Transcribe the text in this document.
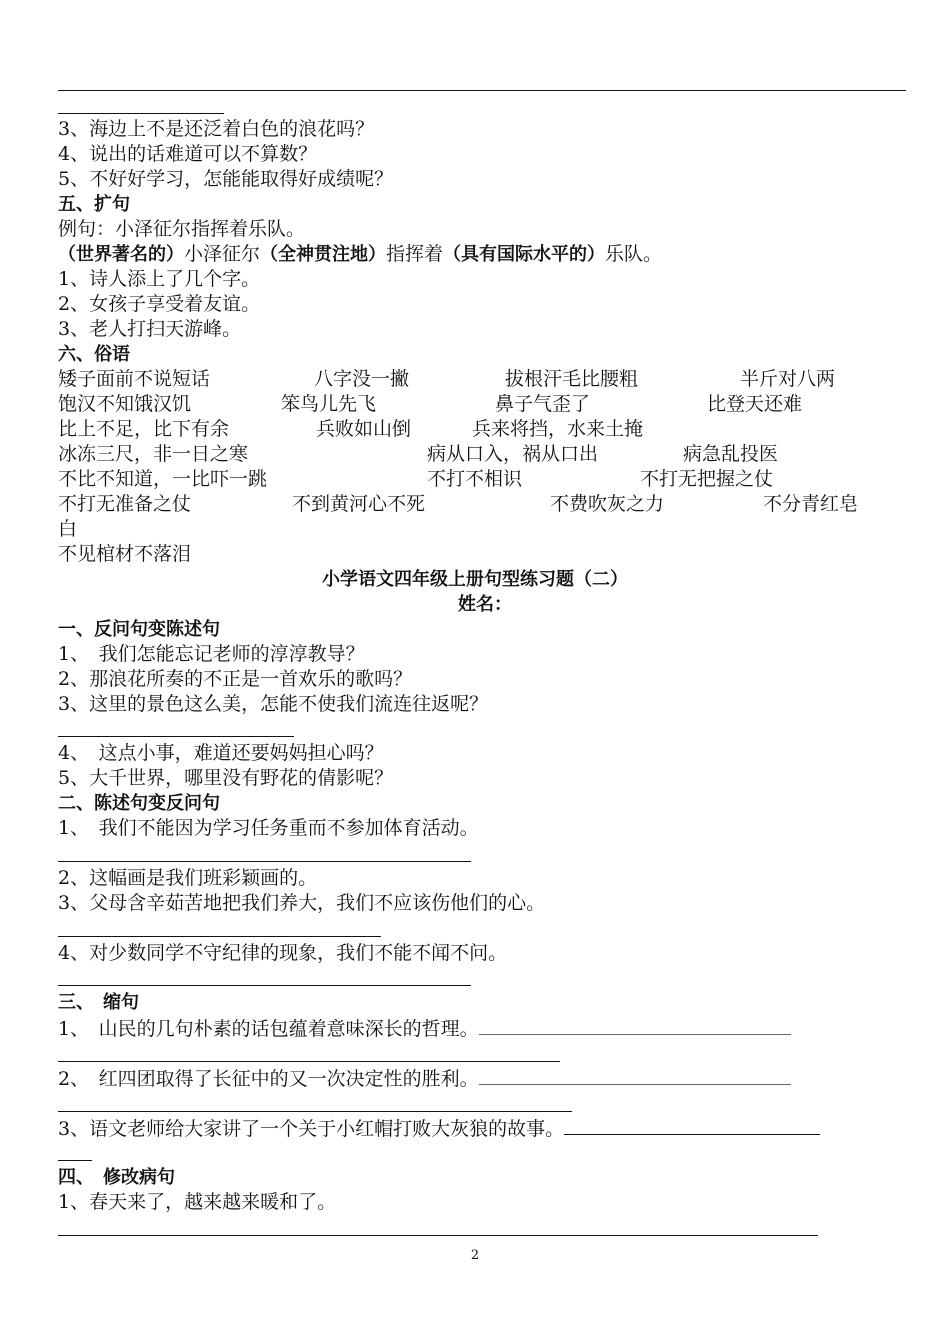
3、海边上不是还泛着白色的浪花吗？
4、说出的话难道可以不算数？
5、不好好学习，怎能能取得好成绩呢？
五、扩句
例句：小泽征尔指挥着乐队。
（世界著名的）小泽征尔（全神贯注地）指挥着（具有国际水平的）乐队。
1、诗人添上了几个字。
2、女孩子享受着友谊。
3、老人打扫天游峰。
六、俗语
矮子面前不说短话	八字没一撇	拔根汗毛比腰粗	半斤对八两
饱汉不知饿汉饥	笨鸟儿先飞	鼻子气歪了	比登天还难
比上不足，比下有余	兵败如山倒	兵来将挡，水来土掩
冰冻三尺，非一日之寒	病从口入，祸从口出	病急乱投医
不比不知道，一比吓一跳	不打不相识	不打无把握之仗
不打无准备之仗	不到黄河心不死	不费吹灰之力	不分青红皂
白
不见棺材不落泪
小学语文四年级上册句型练习题（二）
姓名：
一、反问句变陈述句
1、　我们怎能忘记老师的淳淳教导？
2、那浪花所奏的不正是一首欢乐的歌吗？
3、这里的景色这么美，怎能不使我们流连往返呢？
4、　这点小事，难道还要妈妈担心吗？
5、大千世界，哪里没有野花的倩影呢？
二、陈述句变反问句
1、　我们不能因为学习任务重而不参加体育活动。
2、这幅画是我们班彩颖画的。
3、父母含辛茹苦地把我们养大，我们不应该伤他们的心。
4、对少数同学不守纪律的现象，我们不能不闻不问。
三、　缩句
1、　山民的几句朴素的话包蕴着意味深长的哲理。
2、　红四团取得了长征中的又一次决定性的胜利。
3、语文老师给大家讲了一个关于小红帽打败大灰狼的故事。
四、　修改病句
1、春天来了，越来越来暖和了。
2
